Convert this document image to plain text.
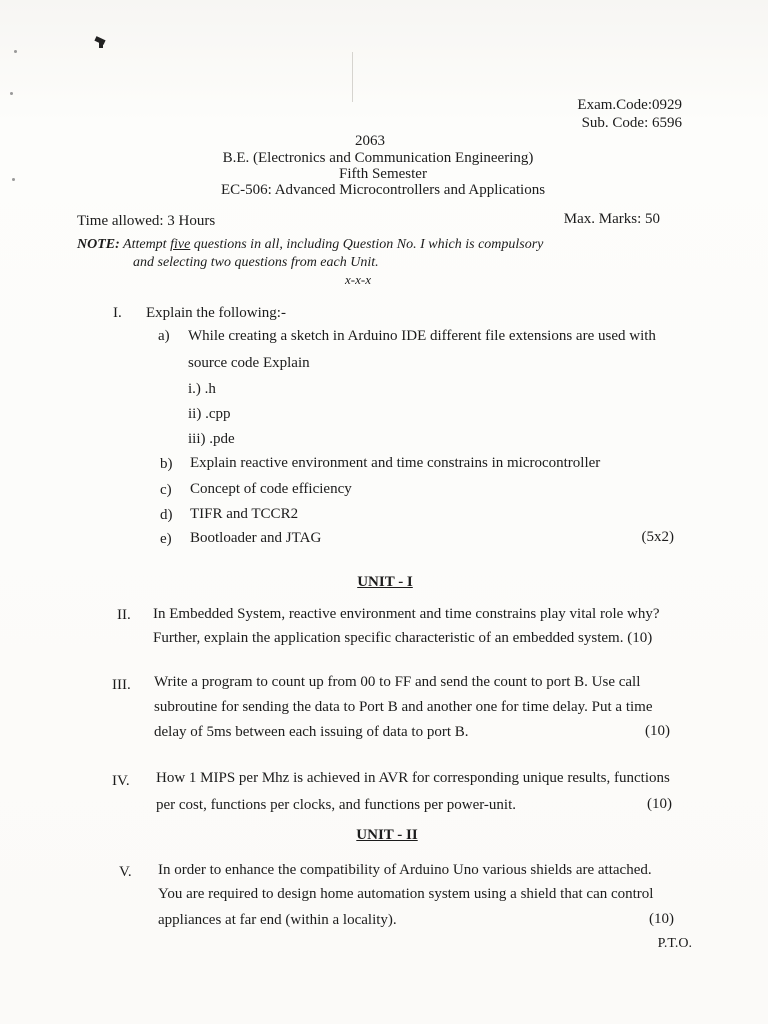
Exam.Code:0929
Sub. Code: 6596
2063
B.E. (Electronics and Communication Engineering)
Fifth Semester
EC-506: Advanced Microcontrollers and Applications
Time allowed: 3 Hours	Max. Marks: 50
NOTE: Attempt five questions in all, including Question No. I which is compulsory
and selecting two questions from each Unit.
x-x-x
I. Explain the following:-
a) While creating a sketch in Arduino IDE different file extensions are used with
source code Explain
i.) .h
ii) .cpp
iii) .pde
b) Explain reactive environment and time constrains in microcontroller
c) Concept of code efficiency
d) TIFR and TCCR2
e) Bootloader and JTAG	(5x2)
UNIT - I
II. In Embedded System, reactive environment and time constrains play vital role why?
Further, explain the application specific characteristic of an embedded system. (10)
III. Write a program to count up from 00 to FF and send the count to port B. Use call
subroutine for sending the data to Port B and another one for time delay. Put a time
delay of 5ms between each issuing of data to port B.	(10)
IV. How 1 MIPS per Mhz is achieved in AVR for corresponding unique results, functions
per cost, functions per clocks, and functions per power-unit.	(10)
UNIT - II
V. In order to enhance the compatibility of Arduino Uno various shields are attached.
You are required to design home automation system using a shield that can control
appliances at far end (within a locality).	(10)
P.T.O.
